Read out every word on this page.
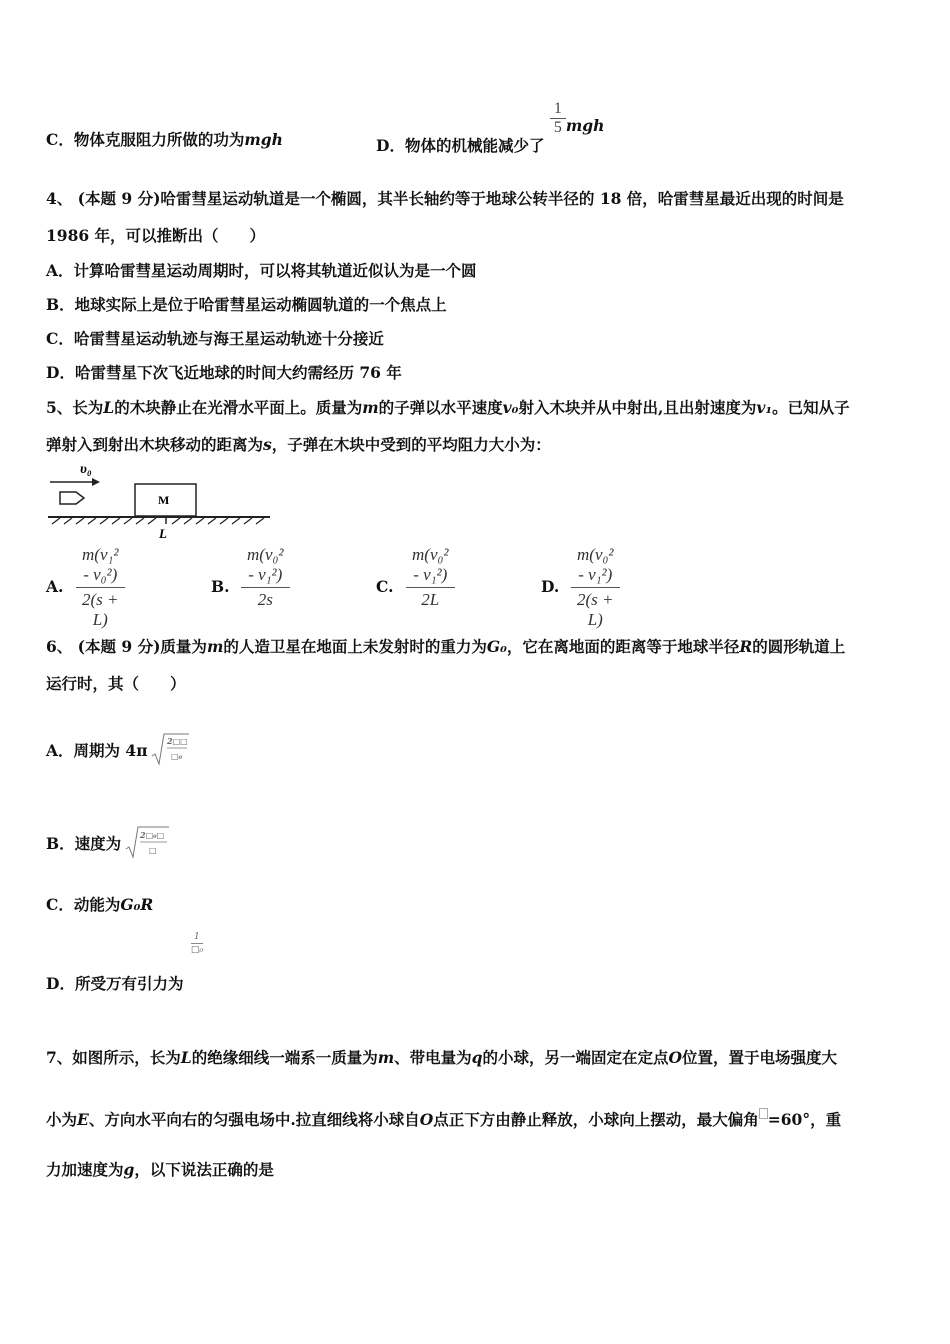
C．物体克服阻力所做的功为mgh	D．物体的机械能减少了
$\frac{1}{5}$ mgh
4、 (本题 9 分)哈雷彗星运动轨道是一个椭圆，其半长轴约等于地球公转半径的 18 倍，哈雷彗星最近出现的时间是
1986 年，可以推断出（　　）
A．计算哈雷彗星运动周期时，可以将其轨道近似认为是一个圆
B．地球实际上是位于哈雷彗星运动椭圆轨道的一个焦点上
C．哈雷彗星运动轨迹与海王星运动轨迹十分接近
D．哈雷彗星下次飞近地球的时间大约需经历 76 年
5、长为L的木块静止在光滑水平面上。质量为m的子弹以水平速度v₀射入木块并从中射出,且出射速度为v₁。已知从子
弹射入到射出木块移动的距离为s，子弹在木块中受到的平均阻力大小为：
υ₀
M
L
A.
m(v₁² - v₀²)
2(s + L)
B.
m(v₀² - v₁²)
2s
C.
m(v₀² - v₁²)
2L
D.
m(v₀² - v₁²)
2(s + L)
6、 (本题 9 分)质量为m的人造卫星在地面上未发射时的重力为G₀，它在离地面的距离等于地球半径R的圆形轨道上
运行时，其（　　）
A．周期为 4π 2□□
□₀
B．速度为 2□₀□
□
C．动能为G₀R
D．所受万有引力为
1
□₀
7、如图所示，长为L的绝缘细线一端系一质量为m、带电量为q的小球，另一端固定在定点O位置，置于电场强度大
小为E、方向水平向右的匀强电场中.拉直细线将小球自O点正下方由静止释放，小球向上摆动，最大偏角 =60°，重
力加速度为g，以下说法正确的是
